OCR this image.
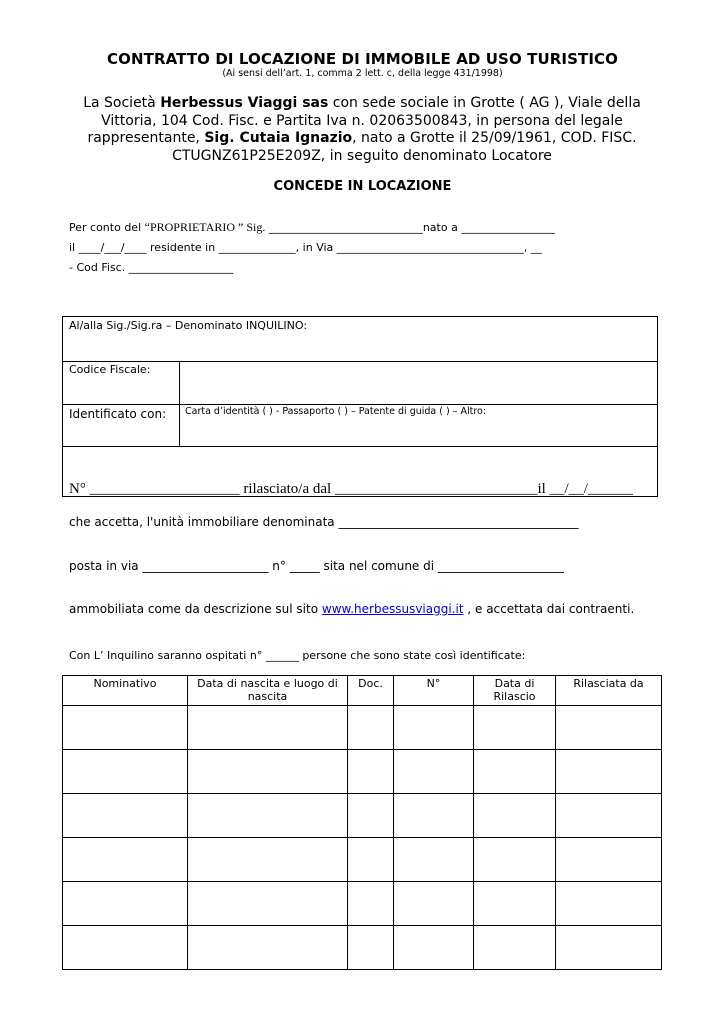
CONTRATTO DI LOCAZIONE DI IMMOBILE AD USO TURISTICO
(Ai sensi dell’art. 1, comma 2 lett. c, della legge 431/1998)
La Società Herbessus Viaggi sas con sede sociale in Grotte ( AG ), Viale della Vittoria, 104 Cod. Fisc. e Partita Iva n. 02063500843, in persona del legale rappresentante, Sig. Cutaia Ignazio, nato a Grotte il 25/09/1961, COD. FISC. CTUGNZ61P25E209Z, in seguito denominato Locatore
CONCEDE IN LOCAZIONE
Per conto del “PROPRIETARIO ” Sig. ____________________________nato a _________________
il ____/___/____ residente in ______________, in Via __________________________________, __
- Cod Fisc. ___________________
Al/alla Sig./Sig.ra – Denominato INQUILINO:
Codice Fiscale:
Identificato con: Carta d’identità ( ) - Passaporto ( ) – Patente di guida ( ) – Altro:
N° ____________________ rilasciato/a dal ___________________________il __/__/______
che accetta, l'unità immobiliare denominata ________________________________________
posta in via _____________________ n° _____ sita nel comune di _____________________
ammobiliata come da descrizione sul sito www.herbessusviaggi.it , e accettata dai contraenti.
Con L’ Inquilino saranno ospitati n° ______ persone che sono state così identificate:
Nominativo	Data di nascita e luogo di nascita	Doc.	N°	Data di Rilascio	Rilasciata da
